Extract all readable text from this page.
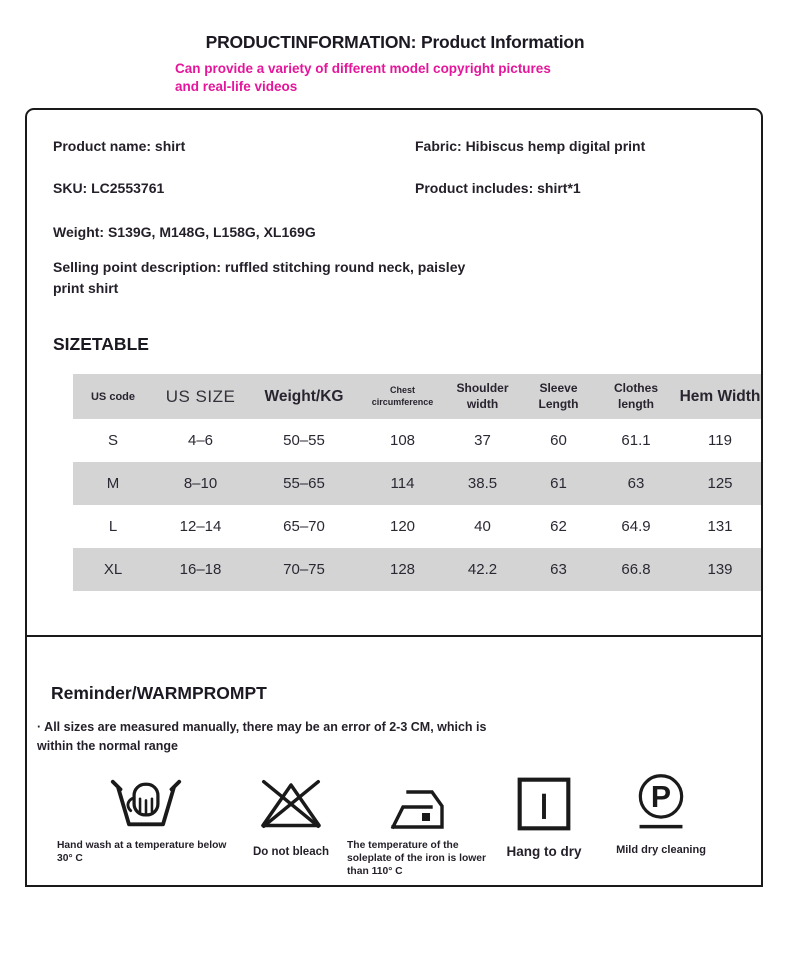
PRODUCTINFORMATION: Product Information

Can provide a variety of different model copyright pictures and real-life videos

Product name: shirt	Fabric: Hibiscus hemp digital print
SKU: LC2553761	Product includes: shirt*1
Weight: S139G, M148G, L158G, XL169G
Selling point description: ruffled stitching round neck, paisley print shirt
SIZETABLE
US code	US SIZE	Weight/KG	Chest circumference	Shoulder width	Sleeve Length	Clothes length	Hem Width
S	4–6	50–55	108	37	60	61.1	119
M	8–10	55–65	114	38.5	61	63	125
L	12–14	65–70	120	40	62	64.9	131
XL	16–18	70–75	128	42.2	63	66.8	139
Reminder/WARMPROMPT

· All sizes are measured manually, there may be an error of 2-3 CM, which is within the normal range

Hand wash at a temperature below 30° C
Do not bleach
The temperature of the soleplate of the iron is lower than 110° C
Hang to dry
P
Mild dry cleaning
